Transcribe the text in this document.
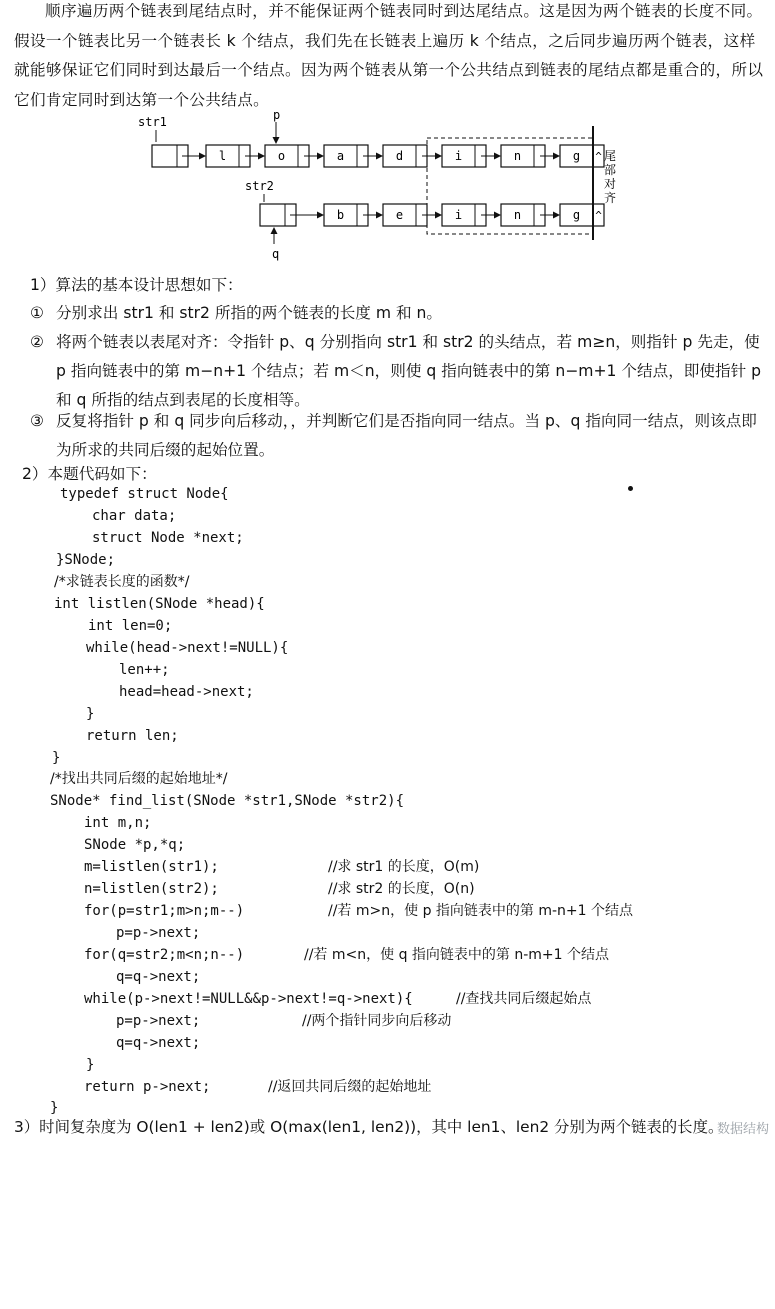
顺序遍历两个链表到尾结点时，并不能保证两个链表同时到达尾结点。这是因为两个链表的长度不同。假设一个链表比另一个链表长 k 个结点，我们先在长链表上遍历 k 个结点，之后同步遍历两个链表，这样就能够保证它们同时到达最后一个结点。因为两个链表从第一个公共结点到链表的尾结点都是重合的，所以它们肯定同时到达第一个公共结点。
str1
str2
p
q
l	o	a	d	i	n	g ^
b	e	i	n	g ^
尾部对齐
1）算法的基本设计思想如下：
① 分别求出 str1 和 str2 所指的两个链表的长度 m 和 n。
② 将两个链表以表尾对齐：令指针 p、q 分别指向 str1 和 str2 的头结点，若 m≥n，则指针 p 先走，使 p 指向链表中的第 m−n+1 个结点；若 m＜n，则使 q 指向链表中的第 n−m+1 个结点，即使指针 p 和 q 所指的结点到表尾的长度相等。
③ 反复将指针 p 和 q 同步向后移动，，并判断它们是否指向同一结点。当 p、q 指向同一结点，则该点即为所求的共同后缀的起始位置。
2）本题代码如下：

typedef struct Node{

char data;

struct Node *next;

}SNode;

/*求链表长度的函数*/

int listlen(SNode *head){

int len=0;

while(head->next!=NULL){

len++;

head=head->next;

}

return len;

}

/*找出共同后缀的起始地址*/

SNode* find_list(SNode *str1,SNode *str2){

int m,n;

SNode *p,*q;

m=listlen(str1);

	//求 str1 的长度，O(m)

n=listlen(str2);

	//求 str2 的长度，O(n)

for(p=str1;m>n;m--)

	//若 m>n，使 p 指向链表中的第 m-n+1 个结点

p=p->next;

for(q=str2;m<n;n--)

	//若 m<n，使 q 指向链表中的第 n-m+1 个结点

q=q->next;

while(p->next!=NULL&&p->next!=q->next){

	//查找共同后缀起始点

p=p->next;

	//两个指针同步向后移动

q=q->next;

}

return p->next;

	//返回共同后缀的起始地址

}

3）时间复杂度为 O(len1 + len2)或 O(max(len1, len2))，其中 len1、len2 分别为两个链表的长度。
数据结构
